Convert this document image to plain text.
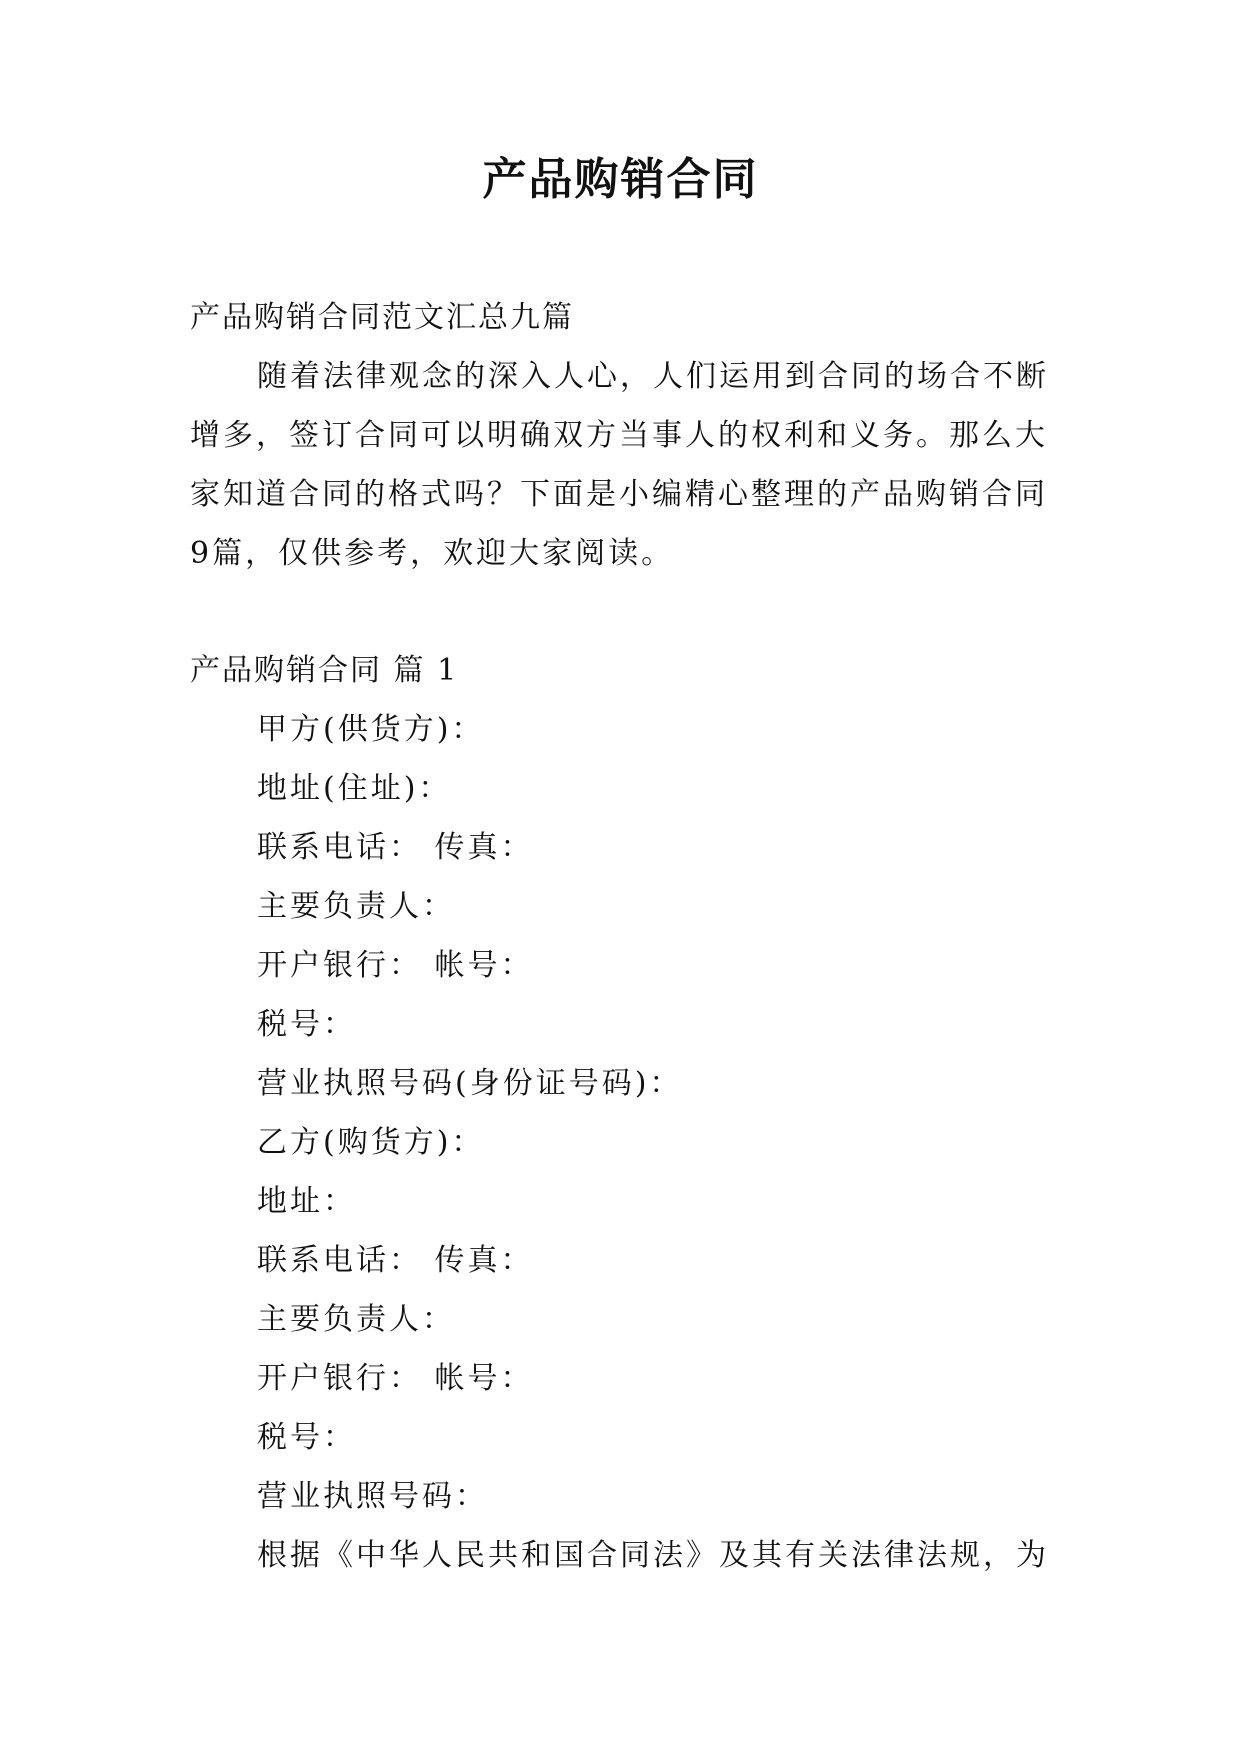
产品购销合同

产品购销合同范文汇总九篇

随着法律观念的深入人心，人们运用到合同的场合不断增多，签订合同可以明确双方当事人的权利和义务。那么大家知道合同的格式吗？下面是小编精心整理的产品购销合同9篇，仅供参考，欢迎大家阅读。

产品购销合同 篇 1

甲方(供货方)：

地址(住址)：

联系电话： 传真：

主要负责人：

开户银行： 帐号：

税号：

营业执照号码(身份证号码)：

乙方(购货方)：

地址：

联系电话： 传真：

主要负责人：

开户银行： 帐号：

税号：

营业执照号码：

根据《中华人民共和国合同法》及其有关法律法规，为
